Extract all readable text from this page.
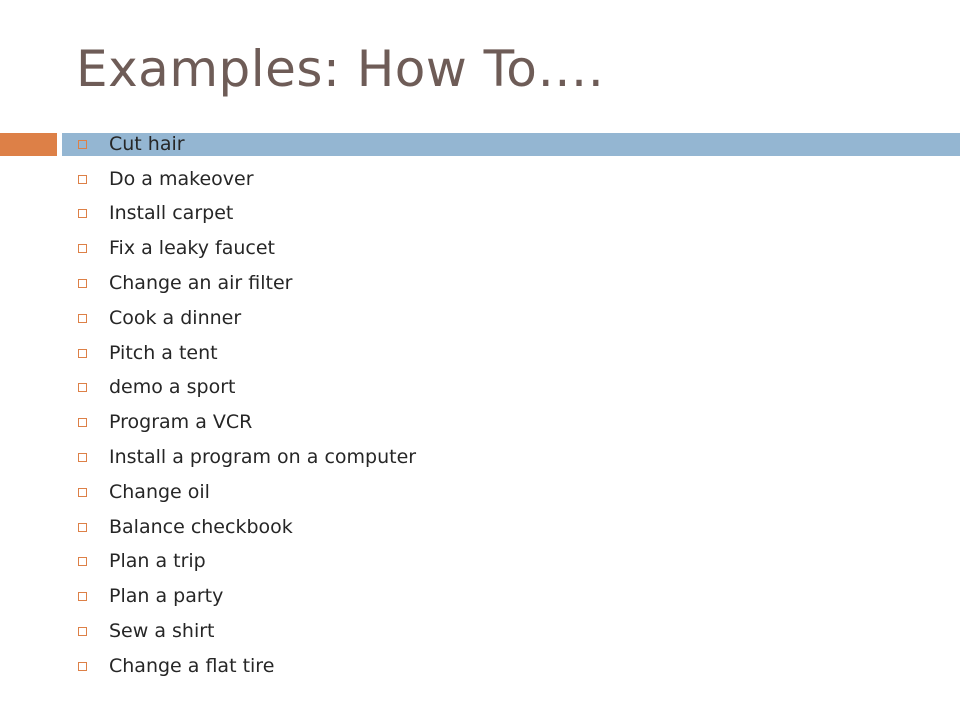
Examples: How To….
Cut hair
Do a makeover
Install carpet
Fix a leaky faucet
Change an air filter
Cook a dinner
Pitch a tent
demo a sport
Program a VCR
Install a program on a computer
Change oil
Balance checkbook
Plan a trip
Plan a party
Sew a shirt
Change a flat tire
